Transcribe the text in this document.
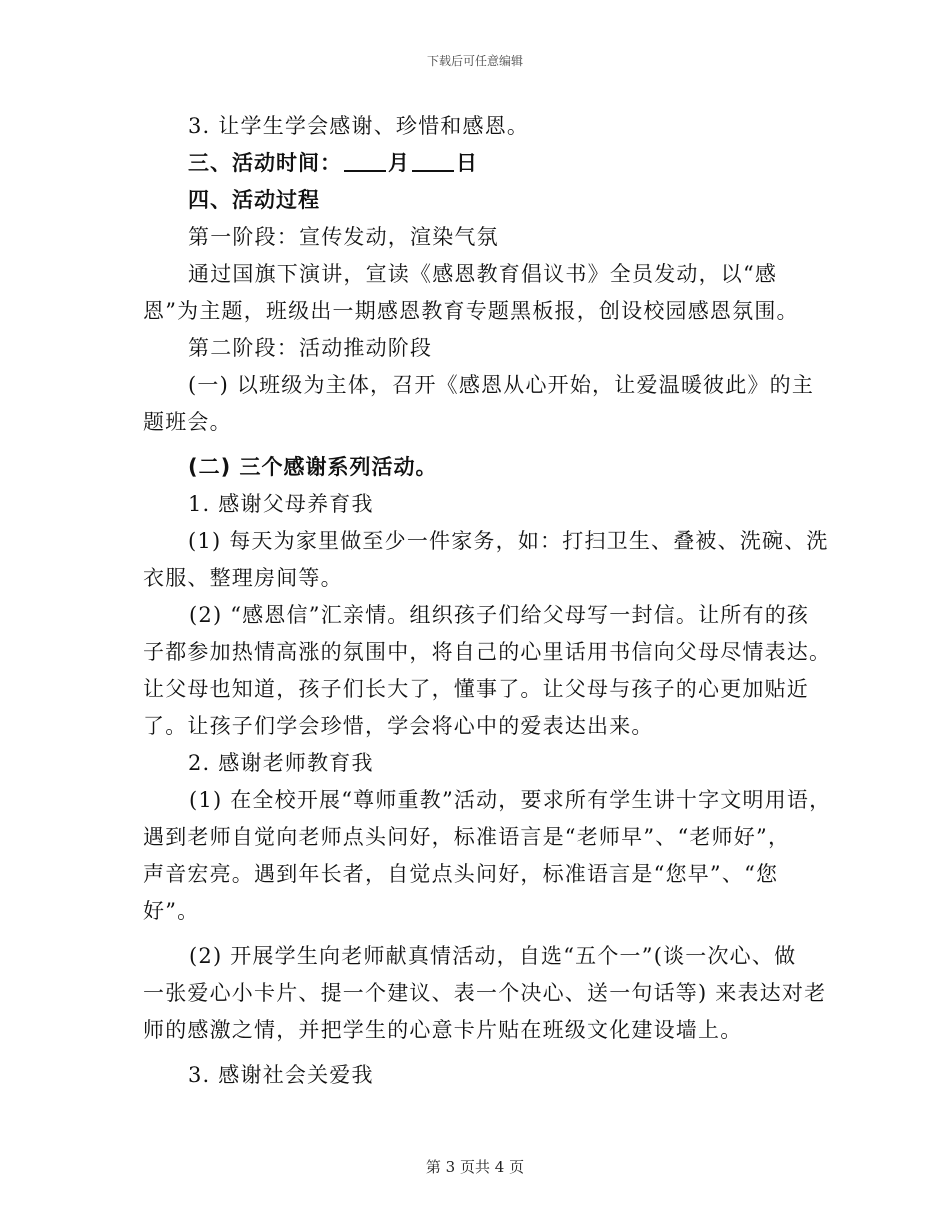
下载后可任意编辑
3. 让学生学会感谢、珍惜和感恩。
三、活动时间： 月 日
四、活动过程
第一阶段：宣传发动，渲染气氛
通过国旗下演讲，宣读《感恩教育倡议书》全员发动，以“感
恩”为主题，班级出一期感恩教育专题黑板报，创设校园感恩氛围。
第二阶段：活动推动阶段
(一) 以班级为主体，召开《感恩从心开始，让爱温暖彼此》的主
题班会。
(二) 三个感谢系列活动。
1. 感谢父母养育我
(1) 每天为家里做至少一件家务，如：打扫卫生、叠被、洗碗、洗
衣服、整理房间等。
(2) “感恩信”汇亲情。组织孩子们给父母写一封信。让所有的孩
子都参加热情高涨的氛围中，将自己的心里话用书信向父母尽情表达。
让父母也知道，孩子们长大了，懂事了。让父母与孩子的心更加贴近
了。让孩子们学会珍惜，学会将心中的爱表达出来。
2. 感谢老师教育我
(1) 在全校开展“尊师重教”活动，要求所有学生讲十字文明用语，
遇到老师自觉向老师点头问好，标准语言是“老师早”、“老师好”，
声音宏亮。遇到年长者，自觉点头问好，标准语言是“您早”、“您
好”。
(2) 开展学生向老师献真情活动，自选“五个一”(谈一次心、做
一张爱心小卡片、提一个建议、表一个决心、送一句话等) 来表达对老
师的感激之情，并把学生的心意卡片贴在班级文化建设墙上。
3. 感谢社会关爱我
第 3 页共 4 页
